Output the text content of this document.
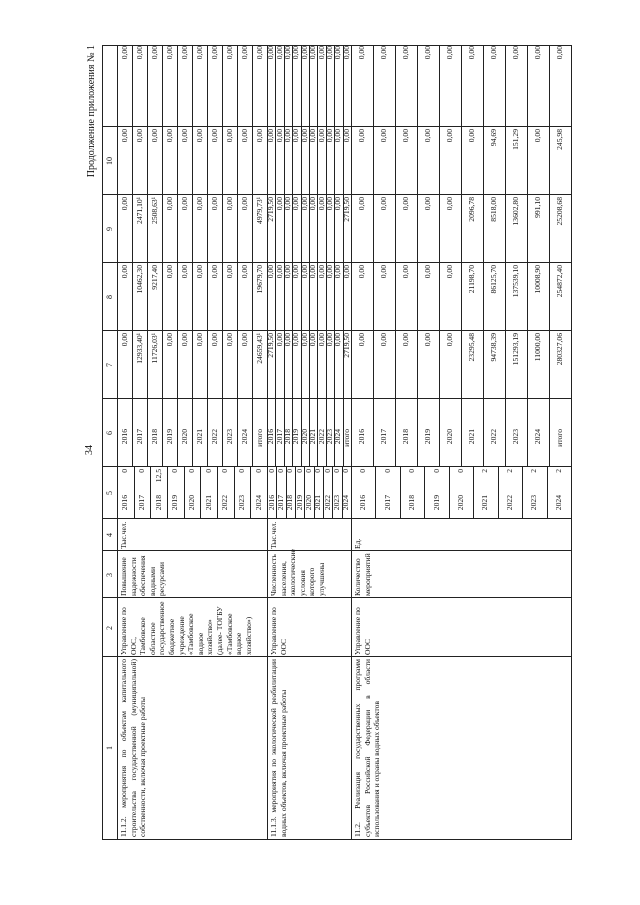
34
Продолжение приложения № 1
1
2
3
4
5
6
7
8
9
10
11.1.2. мероприятия по объектам капитального строительства государственной (муниципальной) собственности, включая проектные работы
Управление по ООС, Тамбовское областное государственное бюджетное учреждение «Тамбовское водное хозяйство» (далее- ТОГБУ «Тамбовское водное хозяйство»)
Повышение надежности обеспечения водными ресурсами
Тыс.чел.
2016
0
2017
0
2018
12,5
2019
0
2020
0
2021
0
2022
0
2023
0
2024
0
2016
0,00
0,00
0,00
0,00
0,00
2017
12933,40¹
10462,30
2471,10¹
0,00
0,00
2018
11726,03¹
9217,40
2508,63¹
0,00
0,00
2019
0,00
0,00
0,00
0,00
0,00
2020
0,00
0,00
0,00
0,00
0,00
2021
0,00
0,00
0,00
0,00
0,00
2022
0,00
0,00
0,00
0,00
0,00
2023
0,00
0,00
0,00
0,00
0,00
2024
0,00
0,00
0,00
0,00
0,00
итого
24659,43¹
19679,70
4979,73¹
0,00
0,00
11.1.3. мероприятия по экологической реабилитации водных объектов, включая проектные работы
Управление по ООС
Численность населения, экологические условия которого улучшены
Тыс.чел.
2016
0
2017
0
2018
0
2019
0
2020
0
2021
0
2022
0
2023
0
2024
0
2016
2719,50
0,00
2719,50
0,00
0,00
2017
0,00
0,00
0,00
0,00
0,00
2018
0,00
0,00
0,00
0,00
0,00
2019
0,00
0,00
0,00
0,00
0,00
2020
0,00
0,00
0,00
0,00
0,00
2021
0,00
0,00
0,00
0,00
0,00
2022
0,00
0,00
0,00
0,00
0,00
2023
0,00
0,00
0,00
0,00
0,00
2024
0,00
0,00
0,00
0,00
0,00
итого
2719,50
0,00
2719,50
0,00
0,00
11.2. Реализация государственных программ субъектов Российской Федерации в области использования и охраны водных объектов
Управление по ООС
Количество мероприятий
Ед.
2016
0
2017
0
2018
0
2019
0
2020
0
2021
2
2022
2
2023
2
2024
2
2016
0,00
0,00
0,00
0,00
0,00
2017
0,00
0,00
0,00
0,00
0,00
2018
0,00
0,00
0,00
0,00
0,00
2019
0,00
0,00
0,00
0,00
0,00
2020
0,00
0,00
0,00
0,00
0,00
2021
23295,48
21198,70
2096,78
0,00
0,00
2022
94738,39
86125,70
8518,00
94,69
0,00
2023
151293,19
137539,10
13602,80
151,29
0,00
2024
11000,00
10008,90
991,10
0,00
0,00
итого
280327,06
254872,40
25208,68
245,98
0,00
